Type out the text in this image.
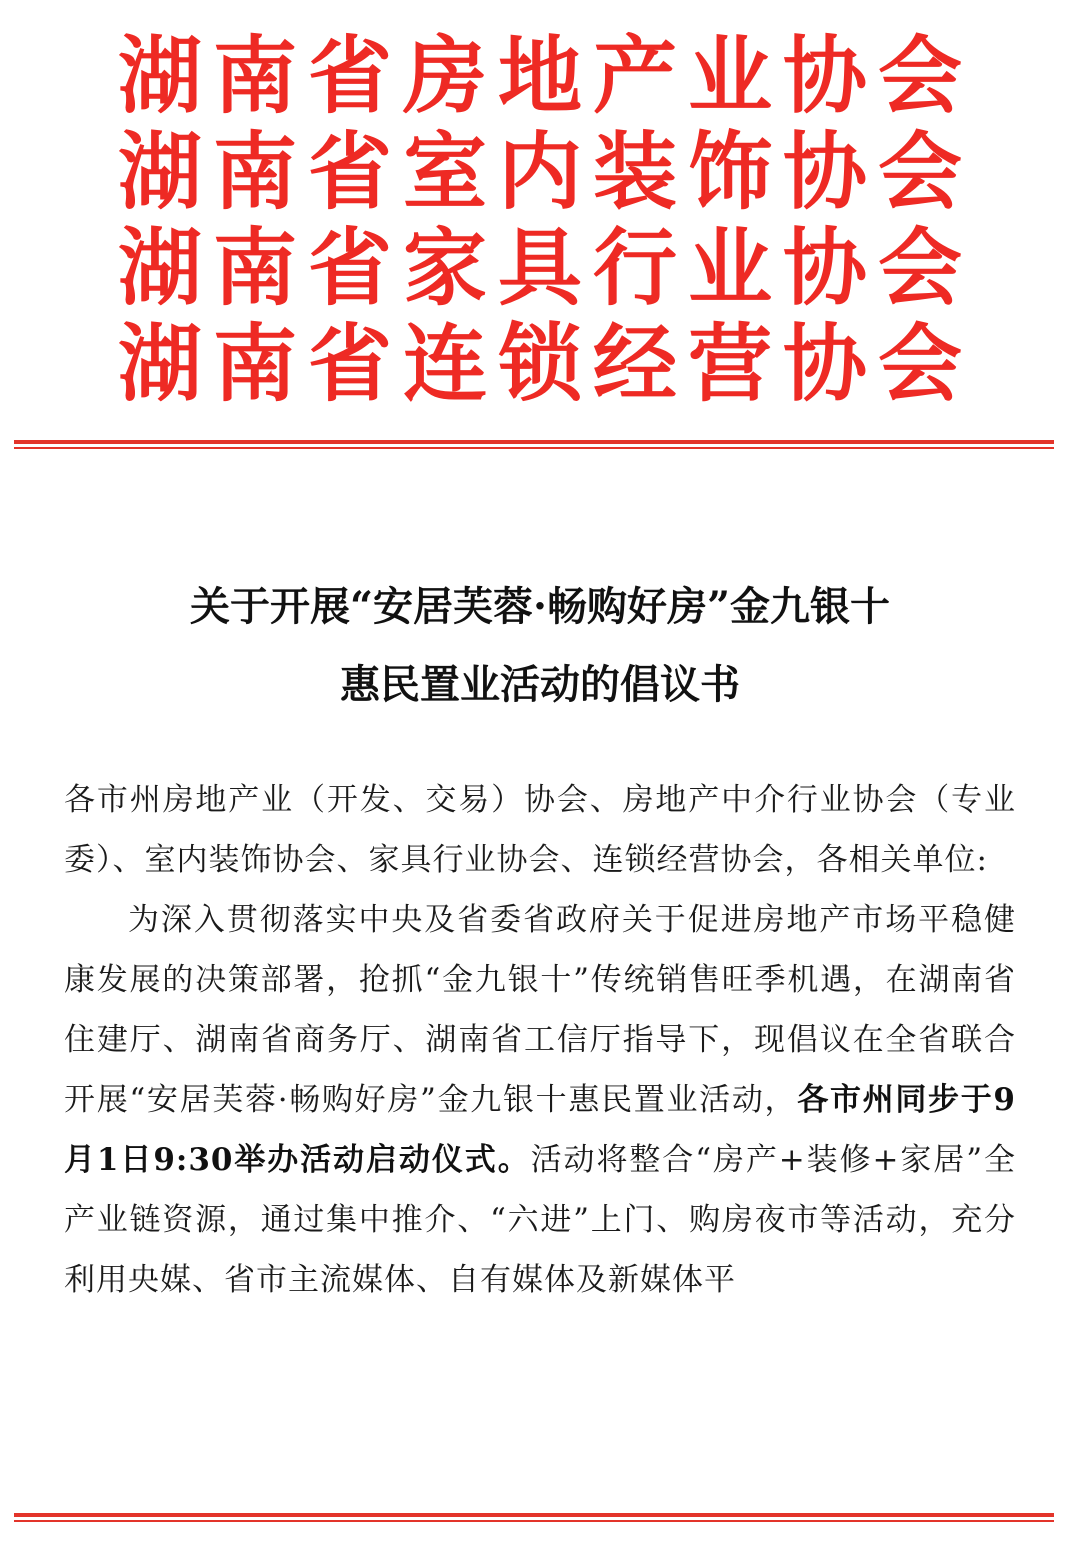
湖南省房地产业协会
湖南省室内装饰协会
湖南省家具行业协会
湖南省连锁经营协会
关于开展“安居芙蓉·畅购好房”金九银十
惠民置业活动的倡议书

各市州房地产业（开发、交易）协会、房地产中介行业协会（专业委）、室内装饰协会、家具行业协会、连锁经营协会，各相关单位:

为深入贯彻落实中央及省委省政府关于促进房地产市场平稳健康发展的决策部署，抢抓“金九银十”传统销售旺季机遇，在湖南省住建厅、湖南省商务厅、湖南省工信厅指导下，现倡议在全省联合开展“安居芙蓉·畅购好房”金九银十惠民置业活动，各市州同步于9月1日9:30举办活动启动仪式。活动将整合“房产+装修+家居”全产业链资源，通过集中推介、“六进”上门、购房夜市等活动，充分利用央媒、省市主流媒体、自有媒体及新媒体平
